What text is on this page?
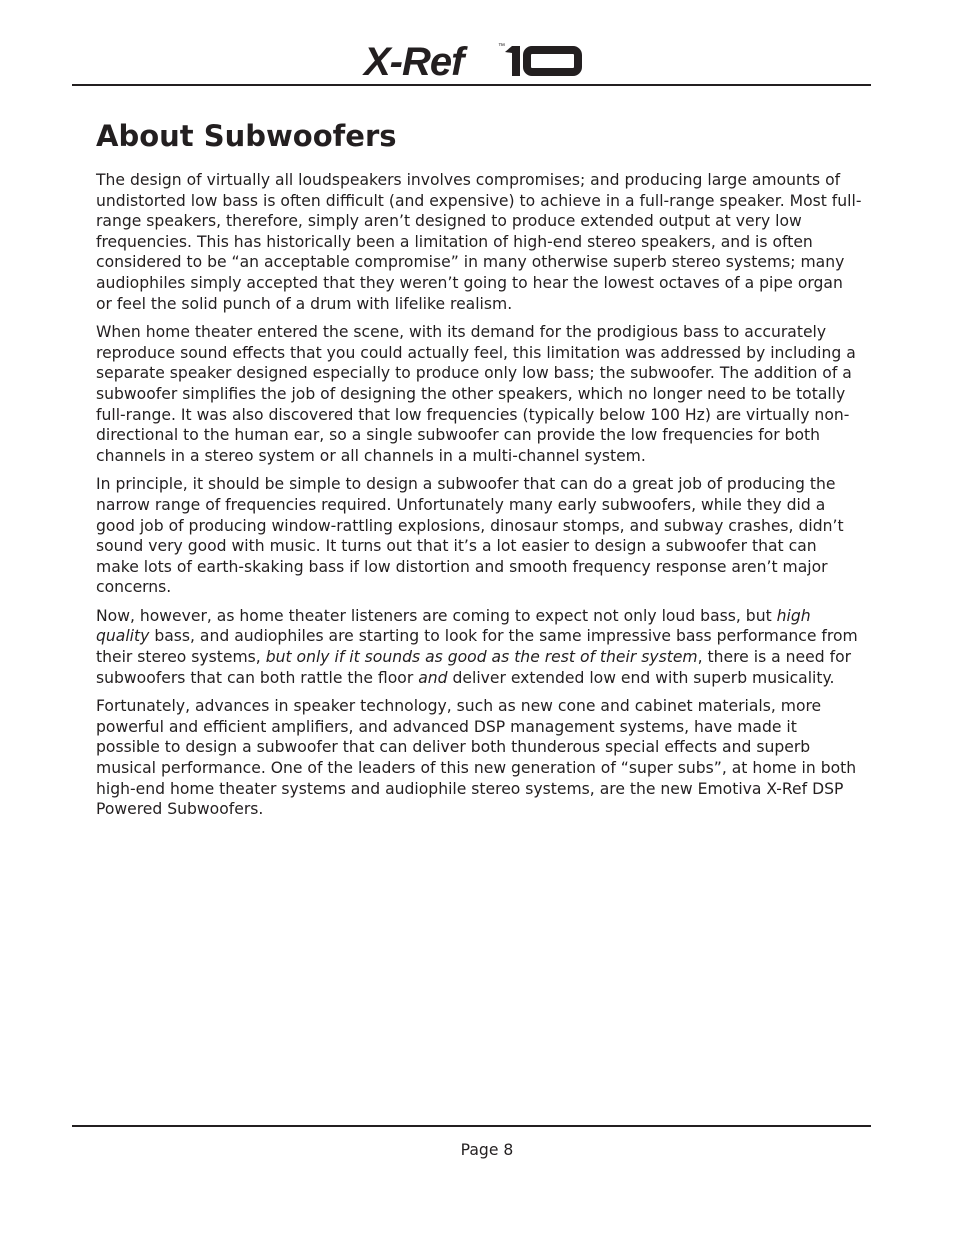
X-Ref	™
About Subwoofers

The design of virtually all loudspeakers involves compromises; and producing large amounts of undistorted low bass is often difficult (and expensive) to achieve in a full-range speaker. Most full-range speakers, therefore, simply aren’t designed to produce extended output at very low frequencies. This has historically been a limitation of high-end stereo speakers, and is often considered to be “an acceptable compromise” in many otherwise superb stereo systems; many audiophiles simply accepted that they weren’t going to hear the lowest octaves of a pipe organ or feel the solid punch of a drum with lifelike realism.

When home theater entered the scene, with its demand for the prodigious bass to accurately reproduce sound effects that you could actually feel, this limitation was addressed by including a separate speaker designed especially to produce only low bass; the subwoofer. The addition of a subwoofer simplifies the job of designing the other speakers, which no longer need to be totally full-range. It was also discovered that low frequencies (typically below 100 Hz) are virtually non-directional to the human ear, so a single subwoofer can provide the low frequencies for both channels in a stereo system or all channels in a multi-channel system.

In principle, it should be simple to design a subwoofer that can do a great job of producing the narrow range of frequencies required. Unfortunately many early subwoofers, while they did a good job of producing window-rattling explosions, dinosaur stomps, and subway crashes, didn’t sound very good with music. It turns out that it’s a lot easier to design a subwoofer that can make lots of earth-skaking bass if low distortion and smooth frequency response aren’t major concerns.

Now, however, as home theater listeners are coming to expect not only loud bass, but high quality bass, and audiophiles are starting to look for the same impressive bass performance from their stereo systems, but only if it sounds as good as the rest of their system, there is a need for subwoofers that can both rattle the floor and deliver extended low end with superb musicality.

Fortunately, advances in speaker technology, such as new cone and cabinet materials, more powerful and efficient amplifiers, and advanced DSP management systems, have made it possible to design a subwoofer that can deliver both thunderous special effects and superb musical performance. One of the leaders of this new generation of “super subs”, at home in both high-end home theater systems and audiophile stereo systems, are the new Emotiva X-Ref DSP Powered Subwoofers.

Page 8
